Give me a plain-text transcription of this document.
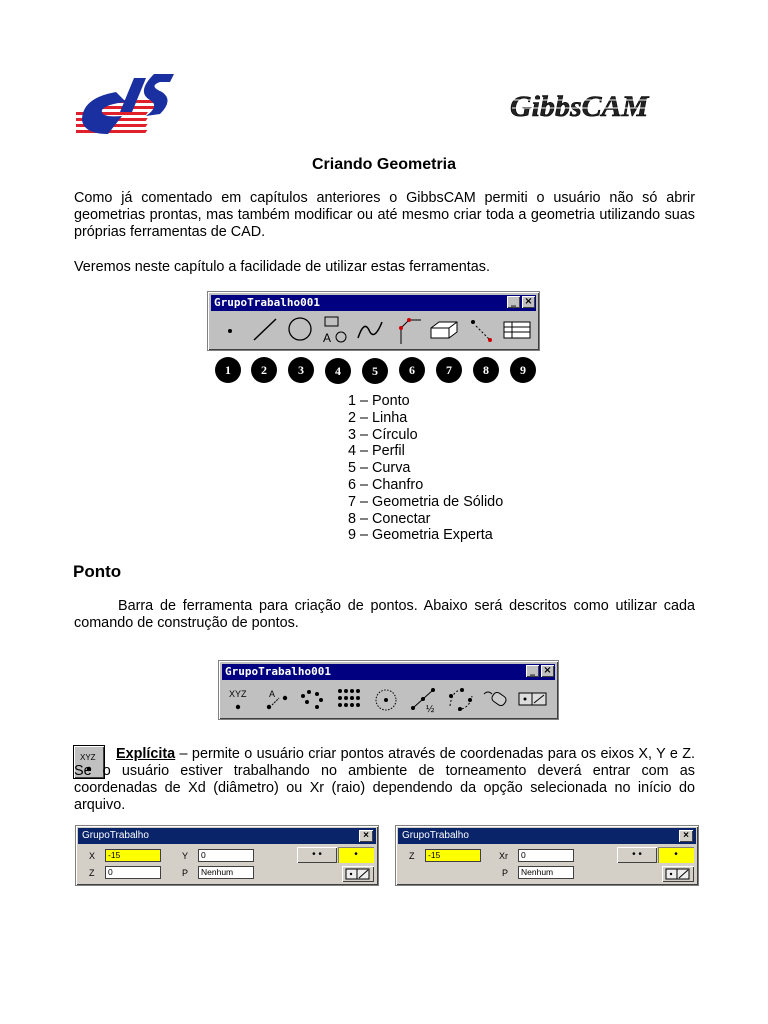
GibbsCAM
Criando Geometria

Como já comentado em capítulos anteriores o GibbsCAM permiti o usuário não só abrir geometrias prontas, mas também modificar ou até mesmo criar toda a geometria utilizando suas próprias ferramentas de CAD.

Veremos neste capítulo a facilidade de utilizar estas ferramentas.

GrupoTrabalho001	_ ×
A
1	2	3	4	5	6	7	8	9
1 – Ponto
2 – Linha
3 – Círculo
4 – Perfil
5 – Curva
6 – Chanfro
7 – Geometria de Sólido
8 – Conectar
9 – Geometria Experta
Ponto

Barra de ferramenta para criação de pontos. Abaixo será descritos como utilizar cada comando de construção de pontos.

GrupoTrabalho001	_ ×
XYZ A
½
XYZ	Explícita – permite o usuário criar pontos através de coordenadas para os eixos X, Y e Z. Se o usuário estiver trabalhando no ambiente de torneamento deverá entrar com as coordenadas de Xd (diâmetro) ou Xr (raio) dependendo da opção selecionada no início do arquivo.

GrupoTrabalho	×
X	-15	Y	0
Z	0	P	Nenhum
• •	•
GrupoTrabalho	×
Z	-15	Xr	0
P	Nenhum
• •	•
